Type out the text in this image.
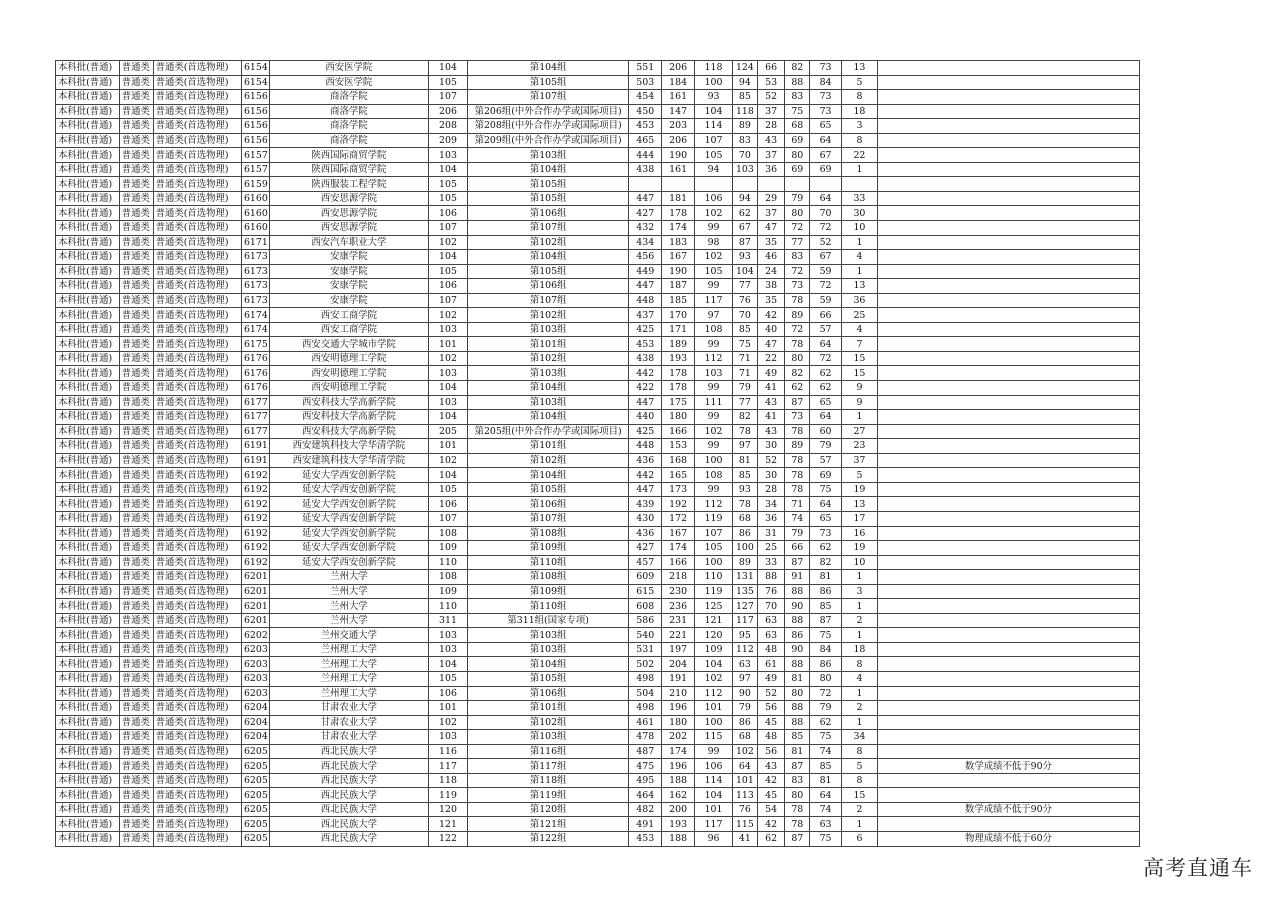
本科批(普通)	普通类	普通类(首选物理)	6154	西安医学院	104	第104组	551	206	118	124	66	82	73	13	
本科批(普通)	普通类	普通类(首选物理)	6154	西安医学院	105	第105组	503	184	100	94	53	88	84	5	
本科批(普通)	普通类	普通类(首选物理)	6156	商洛学院	107	第107组	454	161	93	85	52	83	73	8	
本科批(普通)	普通类	普通类(首选物理)	6156	商洛学院	206	第206组(中外合作办学或国际项目)	450	147	104	118	37	75	73	18	
本科批(普通)	普通类	普通类(首选物理)	6156	商洛学院	208	第208组(中外合作办学或国际项目)	453	203	114	89	28	68	65	3	
本科批(普通)	普通类	普通类(首选物理)	6156	商洛学院	209	第209组(中外合作办学或国际项目)	465	206	107	83	43	69	64	8	
本科批(普通)	普通类	普通类(首选物理)	6157	陕西国际商贸学院	103	第103组	444	190	105	70	37	80	67	22	
本科批(普通)	普通类	普通类(首选物理)	6157	陕西国际商贸学院	104	第104组	438	161	94	103	36	69	69	1	
本科批(普通)	普通类	普通类(首选物理)	6159	陕西服装工程学院	105	第105组									
本科批(普通)	普通类	普通类(首选物理)	6160	西安思源学院	105	第105组	447	181	106	94	29	79	64	33	
本科批(普通)	普通类	普通类(首选物理)	6160	西安思源学院	106	第106组	427	178	102	62	37	80	70	30	
本科批(普通)	普通类	普通类(首选物理)	6160	西安思源学院	107	第107组	432	174	99	67	47	72	72	10	
本科批(普通)	普通类	普通类(首选物理)	6171	西安汽车职业大学	102	第102组	434	183	98	87	35	77	52	1	
本科批(普通)	普通类	普通类(首选物理)	6173	安康学院	104	第104组	456	167	102	93	46	83	67	4	
本科批(普通)	普通类	普通类(首选物理)	6173	安康学院	105	第105组	449	190	105	104	24	72	59	1	
本科批(普通)	普通类	普通类(首选物理)	6173	安康学院	106	第106组	447	187	99	77	38	73	72	13	
本科批(普通)	普通类	普通类(首选物理)	6173	安康学院	107	第107组	448	185	117	76	35	78	59	36	
本科批(普通)	普通类	普通类(首选物理)	6174	西安工商学院	102	第102组	437	170	97	70	42	89	66	25	
本科批(普通)	普通类	普通类(首选物理)	6174	西安工商学院	103	第103组	425	171	108	85	40	72	57	4	
本科批(普通)	普通类	普通类(首选物理)	6175	西安交通大学城市学院	101	第101组	453	189	99	75	47	78	64	7	
本科批(普通)	普通类	普通类(首选物理)	6176	西安明德理工学院	102	第102组	438	193	112	71	22	80	72	15	
本科批(普通)	普通类	普通类(首选物理)	6176	西安明德理工学院	103	第103组	442	178	103	71	49	82	62	15	
本科批(普通)	普通类	普通类(首选物理)	6176	西安明德理工学院	104	第104组	422	178	99	79	41	62	62	9	
本科批(普通)	普通类	普通类(首选物理)	6177	西安科技大学高新学院	103	第103组	447	175	111	77	43	87	65	9	
本科批(普通)	普通类	普通类(首选物理)	6177	西安科技大学高新学院	104	第104组	440	180	99	82	41	73	64	1	
本科批(普通)	普通类	普通类(首选物理)	6177	西安科技大学高新学院	205	第205组(中外合作办学或国际项目)	425	166	102	78	43	78	60	27	
本科批(普通)	普通类	普通类(首选物理)	6191	西安建筑科技大学华清学院	101	第101组	448	153	99	97	30	89	79	23	
本科批(普通)	普通类	普通类(首选物理)	6191	西安建筑科技大学华清学院	102	第102组	436	168	100	81	52	78	57	37	
本科批(普通)	普通类	普通类(首选物理)	6192	延安大学西安创新学院	104	第104组	442	165	108	85	30	78	69	5	
本科批(普通)	普通类	普通类(首选物理)	6192	延安大学西安创新学院	105	第105组	447	173	99	93	28	78	75	19	
本科批(普通)	普通类	普通类(首选物理)	6192	延安大学西安创新学院	106	第106组	439	192	112	78	34	71	64	13	
本科批(普通)	普通类	普通类(首选物理)	6192	延安大学西安创新学院	107	第107组	430	172	119	68	36	74	65	17	
本科批(普通)	普通类	普通类(首选物理)	6192	延安大学西安创新学院	108	第108组	436	167	107	86	31	79	73	16	
本科批(普通)	普通类	普通类(首选物理)	6192	延安大学西安创新学院	109	第109组	427	174	105	100	25	66	62	19	
本科批(普通)	普通类	普通类(首选物理)	6192	延安大学西安创新学院	110	第110组	457	166	100	89	33	87	82	10	
本科批(普通)	普通类	普通类(首选物理)	6201	兰州大学	108	第108组	609	218	110	131	88	91	81	1	
本科批(普通)	普通类	普通类(首选物理)	6201	兰州大学	109	第109组	615	230	119	135	76	88	86	3	
本科批(普通)	普通类	普通类(首选物理)	6201	兰州大学	110	第110组	608	236	125	127	70	90	85	1	
本科批(普通)	普通类	普通类(首选物理)	6201	兰州大学	311	第311组(国家专项)	586	231	121	117	63	88	87	2	
本科批(普通)	普通类	普通类(首选物理)	6202	兰州交通大学	103	第103组	540	221	120	95	63	86	75	1	
本科批(普通)	普通类	普通类(首选物理)	6203	兰州理工大学	103	第103组	531	197	109	112	48	90	84	18	
本科批(普通)	普通类	普通类(首选物理)	6203	兰州理工大学	104	第104组	502	204	104	63	61	88	86	8	
本科批(普通)	普通类	普通类(首选物理)	6203	兰州理工大学	105	第105组	498	191	102	97	49	81	80	4	
本科批(普通)	普通类	普通类(首选物理)	6203	兰州理工大学	106	第106组	504	210	112	90	52	80	72	1	
本科批(普通)	普通类	普通类(首选物理)	6204	甘肃农业大学	101	第101组	498	196	101	79	56	88	79	2	
本科批(普通)	普通类	普通类(首选物理)	6204	甘肃农业大学	102	第102组	461	180	100	86	45	88	62	1	
本科批(普通)	普通类	普通类(首选物理)	6204	甘肃农业大学	103	第103组	478	202	115	68	48	85	75	34	
本科批(普通)	普通类	普通类(首选物理)	6205	西北民族大学	116	第116组	487	174	99	102	56	81	74	8	
本科批(普通)	普通类	普通类(首选物理)	6205	西北民族大学	117	第117组	475	196	106	64	43	87	85	5	数学成绩不低于90分
本科批(普通)	普通类	普通类(首选物理)	6205	西北民族大学	118	第118组	495	188	114	101	42	83	81	8	
本科批(普通)	普通类	普通类(首选物理)	6205	西北民族大学	119	第119组	464	162	104	113	45	80	64	15	
本科批(普通)	普通类	普通类(首选物理)	6205	西北民族大学	120	第120组	482	200	101	76	54	78	74	2	数学成绩不低于90分
本科批(普通)	普通类	普通类(首选物理)	6205	西北民族大学	121	第121组	491	193	117	115	42	78	63	1	
本科批(普通)	普通类	普通类(首选物理)	6205	西北民族大学	122	第122组	453	188	96	41	62	87	75	6	物理成绩不低于60分
高考直通车
